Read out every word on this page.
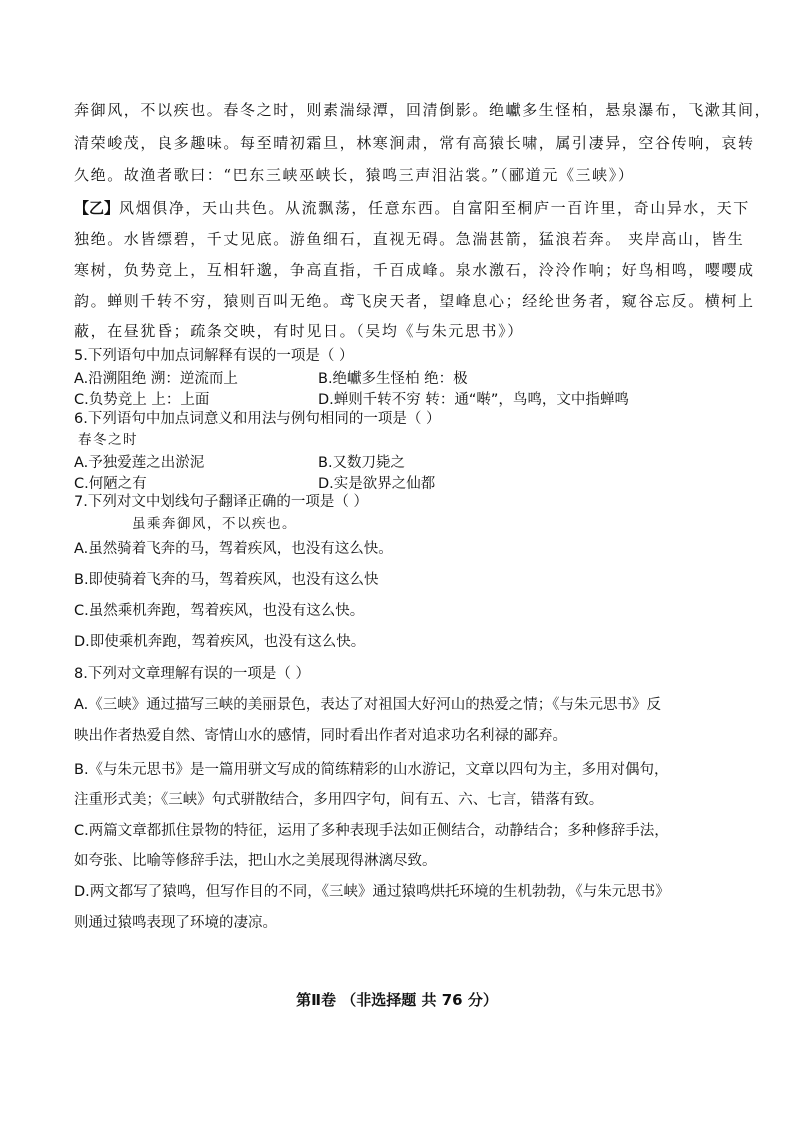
奔御风，不以疾也。春冬之时，则素湍绿潭，回清倒影。绝巘多生怪柏，悬泉瀑布，飞漱其间，
清荣峻茂，良多趣味。每至晴初霜旦，林寒涧肃，常有高猿长啸，属引凄异，空谷传响，哀转
久绝。故渔者歌曰：“巴东三峡巫峡长，猿鸣三声泪沾裳。”（郦道元《三峡》）
【乙】风烟俱净，天山共色。从流飘荡，任意东西。自富阳至桐庐一百许里，奇山异水，天下
独绝。水皆缥碧，千丈见底。游鱼细石，直视无碍。急湍甚箭，猛浪若奔。 夹岸高山，皆生
寒树，负势竞上，互相轩邈，争高直指，千百成峰。泉水激石，泠泠作响；好鸟相鸣，嘤嘤成
韵。蝉则千转不穷，猿则百叫无绝。鸢飞戾天者，望峰息心；经纶世务者，窥谷忘反。横柯上
蔽，在昼犹昏；疏条交映，有时见日。（吴均《与朱元思书》）
5.下列语句中加点词解释有误的一项是（ ）
A.沿溯阻绝 溯：逆流而上	B.绝巘多生怪柏 绝：极
C.负势竞上 上：上面	D.蝉则千转不穷 转：通“啭”，鸟鸣，文中指蝉鸣
6.下列语句中加点词意义和用法与例句相同的一项是（ ）
春冬之时
A.予独爱莲之出淤泥	B.又数刀毙之
C.何陋之有	D.实是欲界之仙都
7.下列对文中划线句子翻译正确的一项是（ ）
虽乘奔御风，不以疾也。
A.虽然骑着飞奔的马，驾着疾风，也没有这么快。
B.即使骑着飞奔的马，驾着疾风，也没有这么快
C.虽然乘机奔跑，驾着疾风，也没有这么快。
D.即使乘机奔跑，驾着疾风，也没有这么快。
8.下列对文章理解有误的一项是（ ）
A.《三峡》通过描写三峡的美丽景色，表达了对祖国大好河山的热爱之情；《与朱元思书》反
映出作者热爱自然、寄情山水的感情，同时看出作者对追求功名利禄的鄙弃。
B.《与朱元思书》是一篇用骈文写成的简练精彩的山水游记，文章以四句为主，多用对偶句，
注重形式美；《三峡》句式骈散结合，多用四字句，间有五、六、七言，错落有致。
C.两篇文章都抓住景物的特征，运用了多种表现手法如正侧结合，动静结合；多种修辞手法，
如夸张、比喻等修辞手法，把山水之美展现得淋漓尽致。
D.两文都写了猿鸣，但写作目的不同，《三峡》通过猿鸣烘托环境的生机勃勃，《与朱元思书》
则通过猿鸣表现了环境的凄凉。
第Ⅱ卷 （非选择题 共 76 分）
